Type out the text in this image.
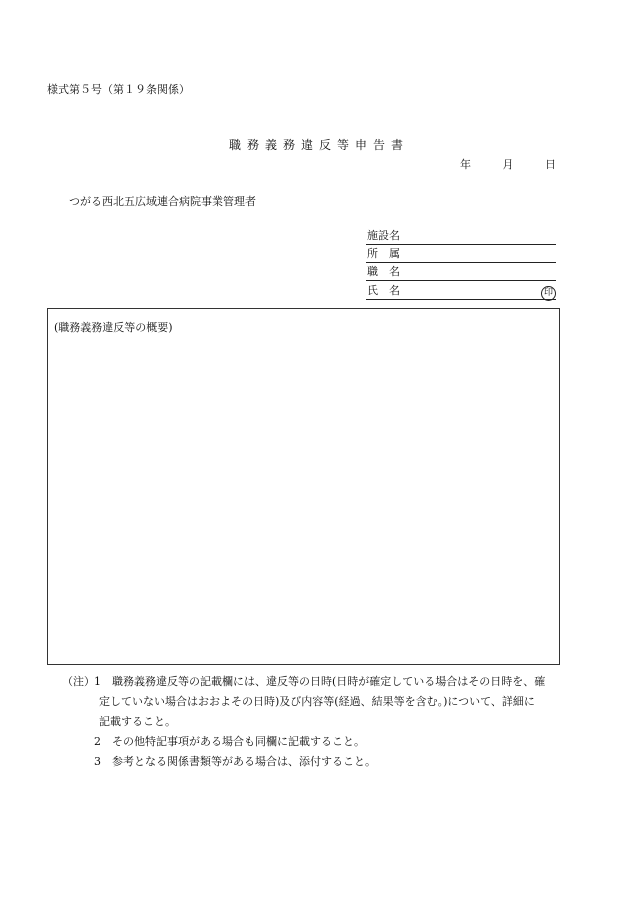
様式第５号（第１９条関係）
職務義務違反等申告書
年	月	日
つがる西北五広域連合病院事業管理者
施設名
所　属
職　名
氏　名	印
(職務義務違反等の概要)
（注） 1 職務義務違反等の記載欄には、違反等の日時(日時が確定している場合はその日時を、確
定していない場合はおおよその日時)及び内容等(経過、結果等を含む。)について、詳細に
記載すること。
2 その他特記事項がある場合も同欄に記載すること。
3 参考となる関係書類等がある場合は、添付すること。
